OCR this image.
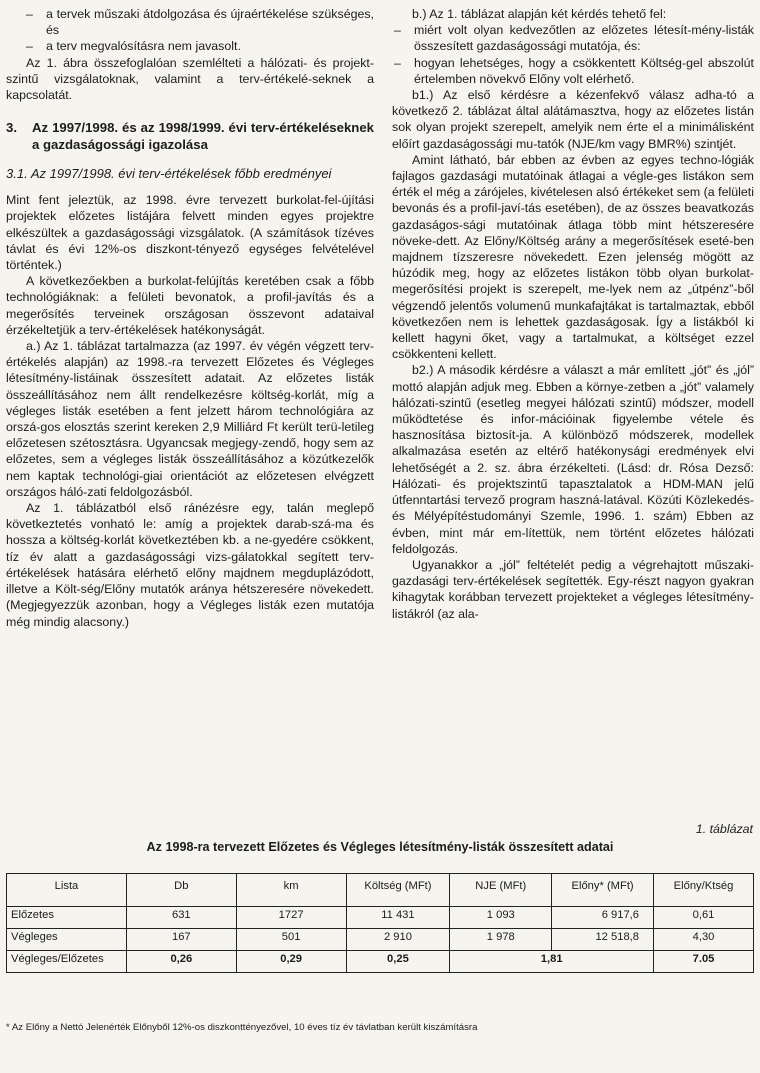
– a tervek műszaki átdolgozása és újraértékelése szükséges, és

– a terv megvalósításra nem javasolt.

Az 1. ábra összefoglalóan szemlélteti a hálózati- és projekt-szintű vizsgálatoknak, valamint a terv-értékelé-seknek a kapcsolatát.

3. Az 1997/1998. és az 1998/1999. évi terv-értékeléseknek a gazdaságossági igazolása

3.1. Az 1997/1998. évi terv-értékelések főbb eredményei

Mint fent jeleztük, az 1998. évre tervezett burkolat-fel-újítási projektek előzetes listájára felvett minden egyes projektre elkészültek a gazdaságossági vizsgálatok. (A számítások tízéves távlat és évi 12%-os diszkont-tényező egységes felvételével történtek.)

A következőekben a burkolat-felújítás keretében csak a főbb technológiáknak: a felületi bevonatok, a profil-javítás és a megerősítés terveinek országosan összevont adataival érzékeltetjük a terv-értékelések hatékonyságát.

a.) Az 1. táblázat tartalmazza (az 1997. év végén végzett terv-értékelés alapján) az 1998.-ra tervezett Előzetes és Végleges létesítmény-listáinak összesített adatait. Az előzetes listák összeállításához nem állt rendelkezésre költség-korlát, míg a végleges listák esetében a fent jelzett három technológiára az orszá-gos elosztás szerint kereken 2,9 Milliárd Ft került terü-letileg előzetesen szétosztásra. Ugyancsak megjegy-zendő, hogy sem az előzetes, sem a végleges listák összeállításához a közútkezelők nem kaptak technológi-giai orientációt az előzetesen elvégzett országos háló-zati feldolgozásból.

Az 1. táblázatból első ránézésre egy, talán meglepő következtetés vonható le: amíg a projektek darab-szá-ma és hossza a költség-korlát következtében kb. a ne-gyedére csökkent, tíz év alatt a gazdaságossági vizs-gálatokkal segített terv-értékelések hatására elérhető előny majdnem megduplázódott, illetve a Költ-ség/Előny mutatók aránya hétszeresére növekedett. (Megjegyezzük azonban, hogy a Végleges listák ezen mutatója még mindig alacsony.)

b.) Az 1. táblázat alapján két kérdés tehető fel:

– miért volt olyan kedvezőtlen az előzetes létesít-mény-listák összesített gazdaságossági mutatója, és:

– hogyan lehetséges, hogy a csökkentett Költség-gel abszolút értelemben növekvő Előny volt elérhető.

b1.) Az első kérdésre a kézenfekvő válasz adha-tó a következő 2. táblázat által alátámasztva, hogy az előzetes listán sok olyan projekt szerepelt, amelyik nem érte el a minimálisként előírt gazdaságossági mu-tatók (NJE/km vagy BMR%) szintjét.

Amint látható, bár ebben az évben az egyes techno-lógiák fajlagos gazdasági mutatóinak átlagai a végle-ges listákon sem érték el még a zárójeles, kivételesen alsó értékeket sem (a felületi bevonás és a profil-javí-tás esetében), de az összes beavatkozás gazdaságos-sági mutatóinak átlaga több mint hétszeresére növeke-dett. Az Előny/Költség arány a megerősítések eseté-ben majdnem tízszeresre növekedett. Ezen jelenség mögött az húzódik meg, hogy az előzetes listákon több olyan burkolat-megerősítési projekt is szerepelt, me-lyek nem az „útpénz”-ből végzendő jelentős volumenű munkafajtákat is tartalmaztak, ebből következően nem is lehettek gazdaságosak. Így a listákból ki kellett hagyni őket, vagy a tartalmukat, a költséget ezzel csökkenteni kellett.

b2.) A második kérdésre a választ a már említett „jót” és „jól” mottó alapján adjuk meg. Ebben a környe-zetben a „jót” valamely hálózati-szintű (esetleg megyei hálózati szintű) módszer, modell működtetése és infor-mációinak figyelembe vétele és hasznosítása biztosít-ja. A különböző módszerek, modellek alkalmazása esetén az eltérő hatékonysági eredmények elvi lehetőségét a 2. sz. ábra érzékelteti. (Lásd: dr. Rósa Dezső: Hálózati- és projektszintű tapasztalatok a HDM-MAN jelű útfenntartási tervező program haszná-latával. Közúti Közlekedés- és Mélyépítéstudományi Szemle, 1996. 1. szám) Ebben az évben, mint már em-lítettük, nem történt előzetes hálózati feldolgozás.

Ugyanakkor a „jól” feltételét pedig a végrehajtott műszaki- gazdasági terv-értékelések segítették. Egy-részt nagyon gyakran kihagytak korábban tervezett projekteket a végleges létesítmény-listákról (az ala-

1. táblázat
Az 1998-ra tervezett Előzetes és Végleges létesítmény-listák összesített adatai
Lista	Db	km	Költség (MFt)	NJE (MFt)	Előny* (MFt)	Előny/Ktség
Előzetes	631	1727	11 431	1 093	6 917,6	0,61
Végleges	167	501	2 910	1 978	12 518,8	4,30
Végleges/Előzetes	0,26	0,29	0,25	1,81		7.05
* Az Előny a Nettó Jelenérték Előnyből 12%-os diszkonttényezővel, 10 éves tíz év távlatban került kiszámításra
